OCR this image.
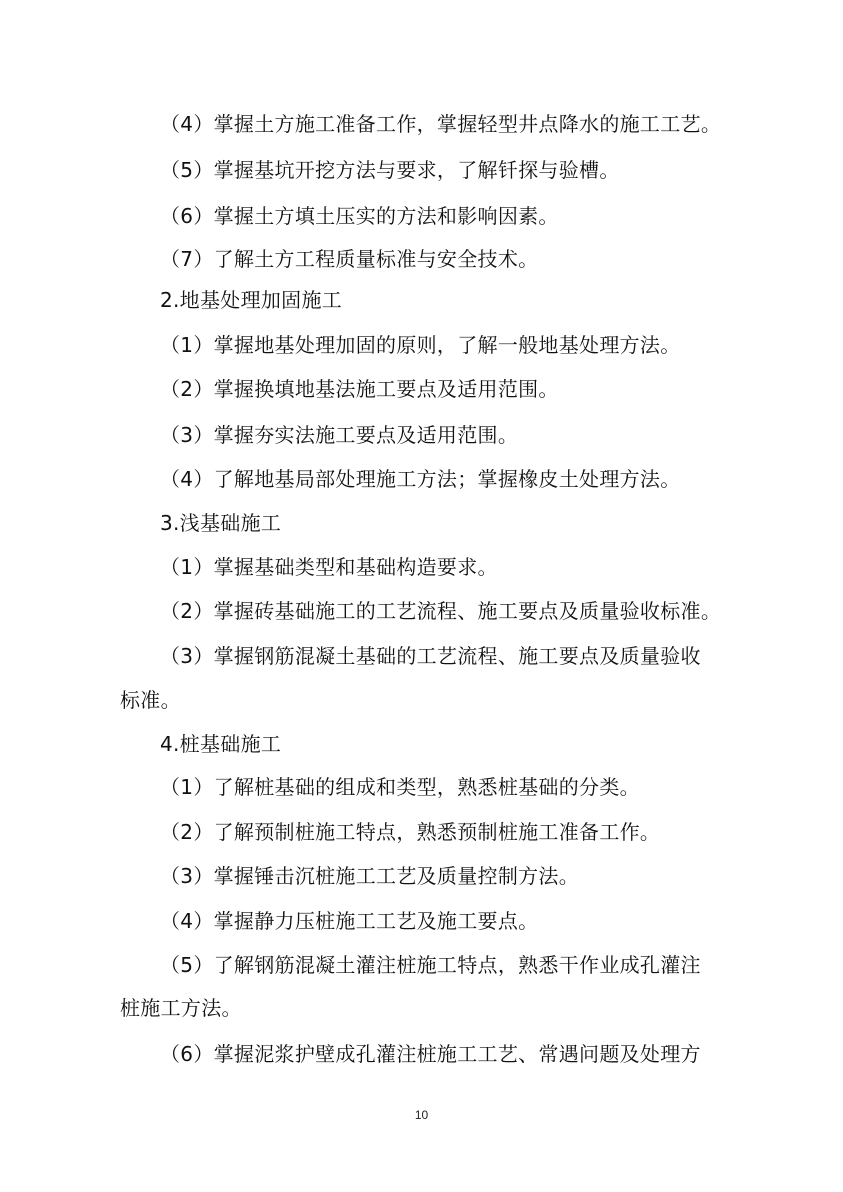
（4）掌握土方施工准备工作，掌握轻型井点降水的施工工艺。
（5）掌握基坑开挖方法与要求，了解钎探与验槽。
（6）掌握土方填土压实的方法和影响因素。
（7）了解土方工程质量标准与安全技术。
2.地基处理加固施工
（1）掌握地基处理加固的原则，了解一般地基处理方法。
（2）掌握换填地基法施工要点及适用范围。
（3）掌握夯实法施工要点及适用范围。
（4）了解地基局部处理施工方法；掌握橡皮土处理方法。
3.浅基础施工
（1）掌握基础类型和基础构造要求。
（2）掌握砖基础施工的工艺流程、施工要点及质量验收标准。
（3）掌握钢筋混凝土基础的工艺流程、施工要点及质量验收
标准。
4.桩基础施工
（1）了解桩基础的组成和类型，熟悉桩基础的分类。
（2）了解预制桩施工特点，熟悉预制桩施工准备工作。
（3）掌握锤击沉桩施工工艺及质量控制方法。
（4）掌握静力压桩施工工艺及施工要点。
（5）了解钢筋混凝土灌注桩施工特点，熟悉干作业成孔灌注
桩施工方法。
（6）掌握泥浆护壁成孔灌注桩施工工艺、常遇问题及处理方
10
